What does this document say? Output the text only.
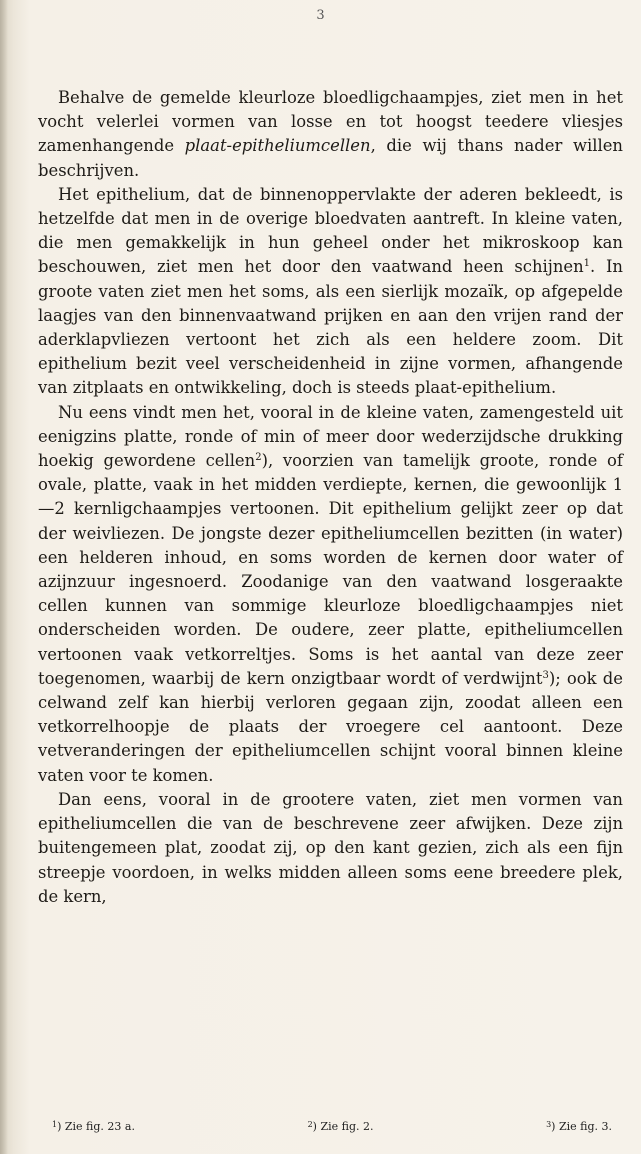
3

Behalve de gemelde kleurloze bloedligchaampjes, ziet men in het vocht velerlei vormen van losse en tot hoogst teedere vliesjes zamenhangende plaat-epitheliumcellen, die wij thans nader willen beschrijven.

Het epithelium, dat de binnenoppervlakte der aderen bekleedt, is hetzelfde dat men in de overige bloedvaten aantreft. In kleine vaten, die men gemakkelijk in hun geheel onder het mikroskoop kan beschouwen, ziet men het door den vaatwand heen schijnen$^1$. In groote vaten ziet men het soms, als een sierlijk mozaïk, op afgepelde laagjes van den binnenvaatwand prijken en aan den vrijen rand der aderklapvliezen vertoont het zich als een heldere zoom. Dit epithelium bezit veel verscheidenheid in zijne vormen, afhangende van zitplaats en ontwikkeling, doch is steeds plaat-epithelium.

Nu eens vindt men het, vooral in de kleine vaten, zamengesteld uit eenigzins platte, ronde of min of meer door wederzijdsche drukking hoekig gewordene cellen$^2$), voorzien van tamelijk groote, ronde of ovale, platte, vaak in het midden verdiepte, kernen, die gewoonlijk 1—2 kernligchaampjes vertoonen. Dit epithelium gelijkt zeer op dat der weivliezen. De jongste dezer epitheliumcellen bezitten (in water) een helderen inhoud, en soms worden de kernen door water of azijnzuur ingesnoerd. Zoodanige van den vaatwand losgeraakte cellen kunnen van sommige kleurloze bloedligchaampjes niet onderscheiden worden. De oudere, zeer platte, epitheliumcellen vertoonen vaak vetkorreltjes. Soms is het aantal van deze zeer toegenomen, waarbij de kern onzigtbaar wordt of verdwijnt$^3$); ook de celwand zelf kan hierbij verloren gegaan zijn, zoodat alleen een vetkorrelhoopje de plaats der vroegere cel aantoont. Deze vetveranderingen der epitheliumcellen schijnt vooral binnen kleine vaten voor te komen.

Dan eens, vooral in de grootere vaten, ziet men vormen van epitheliumcellen die van de beschrevene zeer afwijken. Deze zijn buitengemeen plat, zoodat zij, op den kant gezien, zich als een fijn streepje voordoen, in welks midden alleen soms eene breedere plek, de kern,

$^1$) Zie fig. 23 a.	$^2$) Zie fig. 2.	$^3$) Zie fig. 3.
